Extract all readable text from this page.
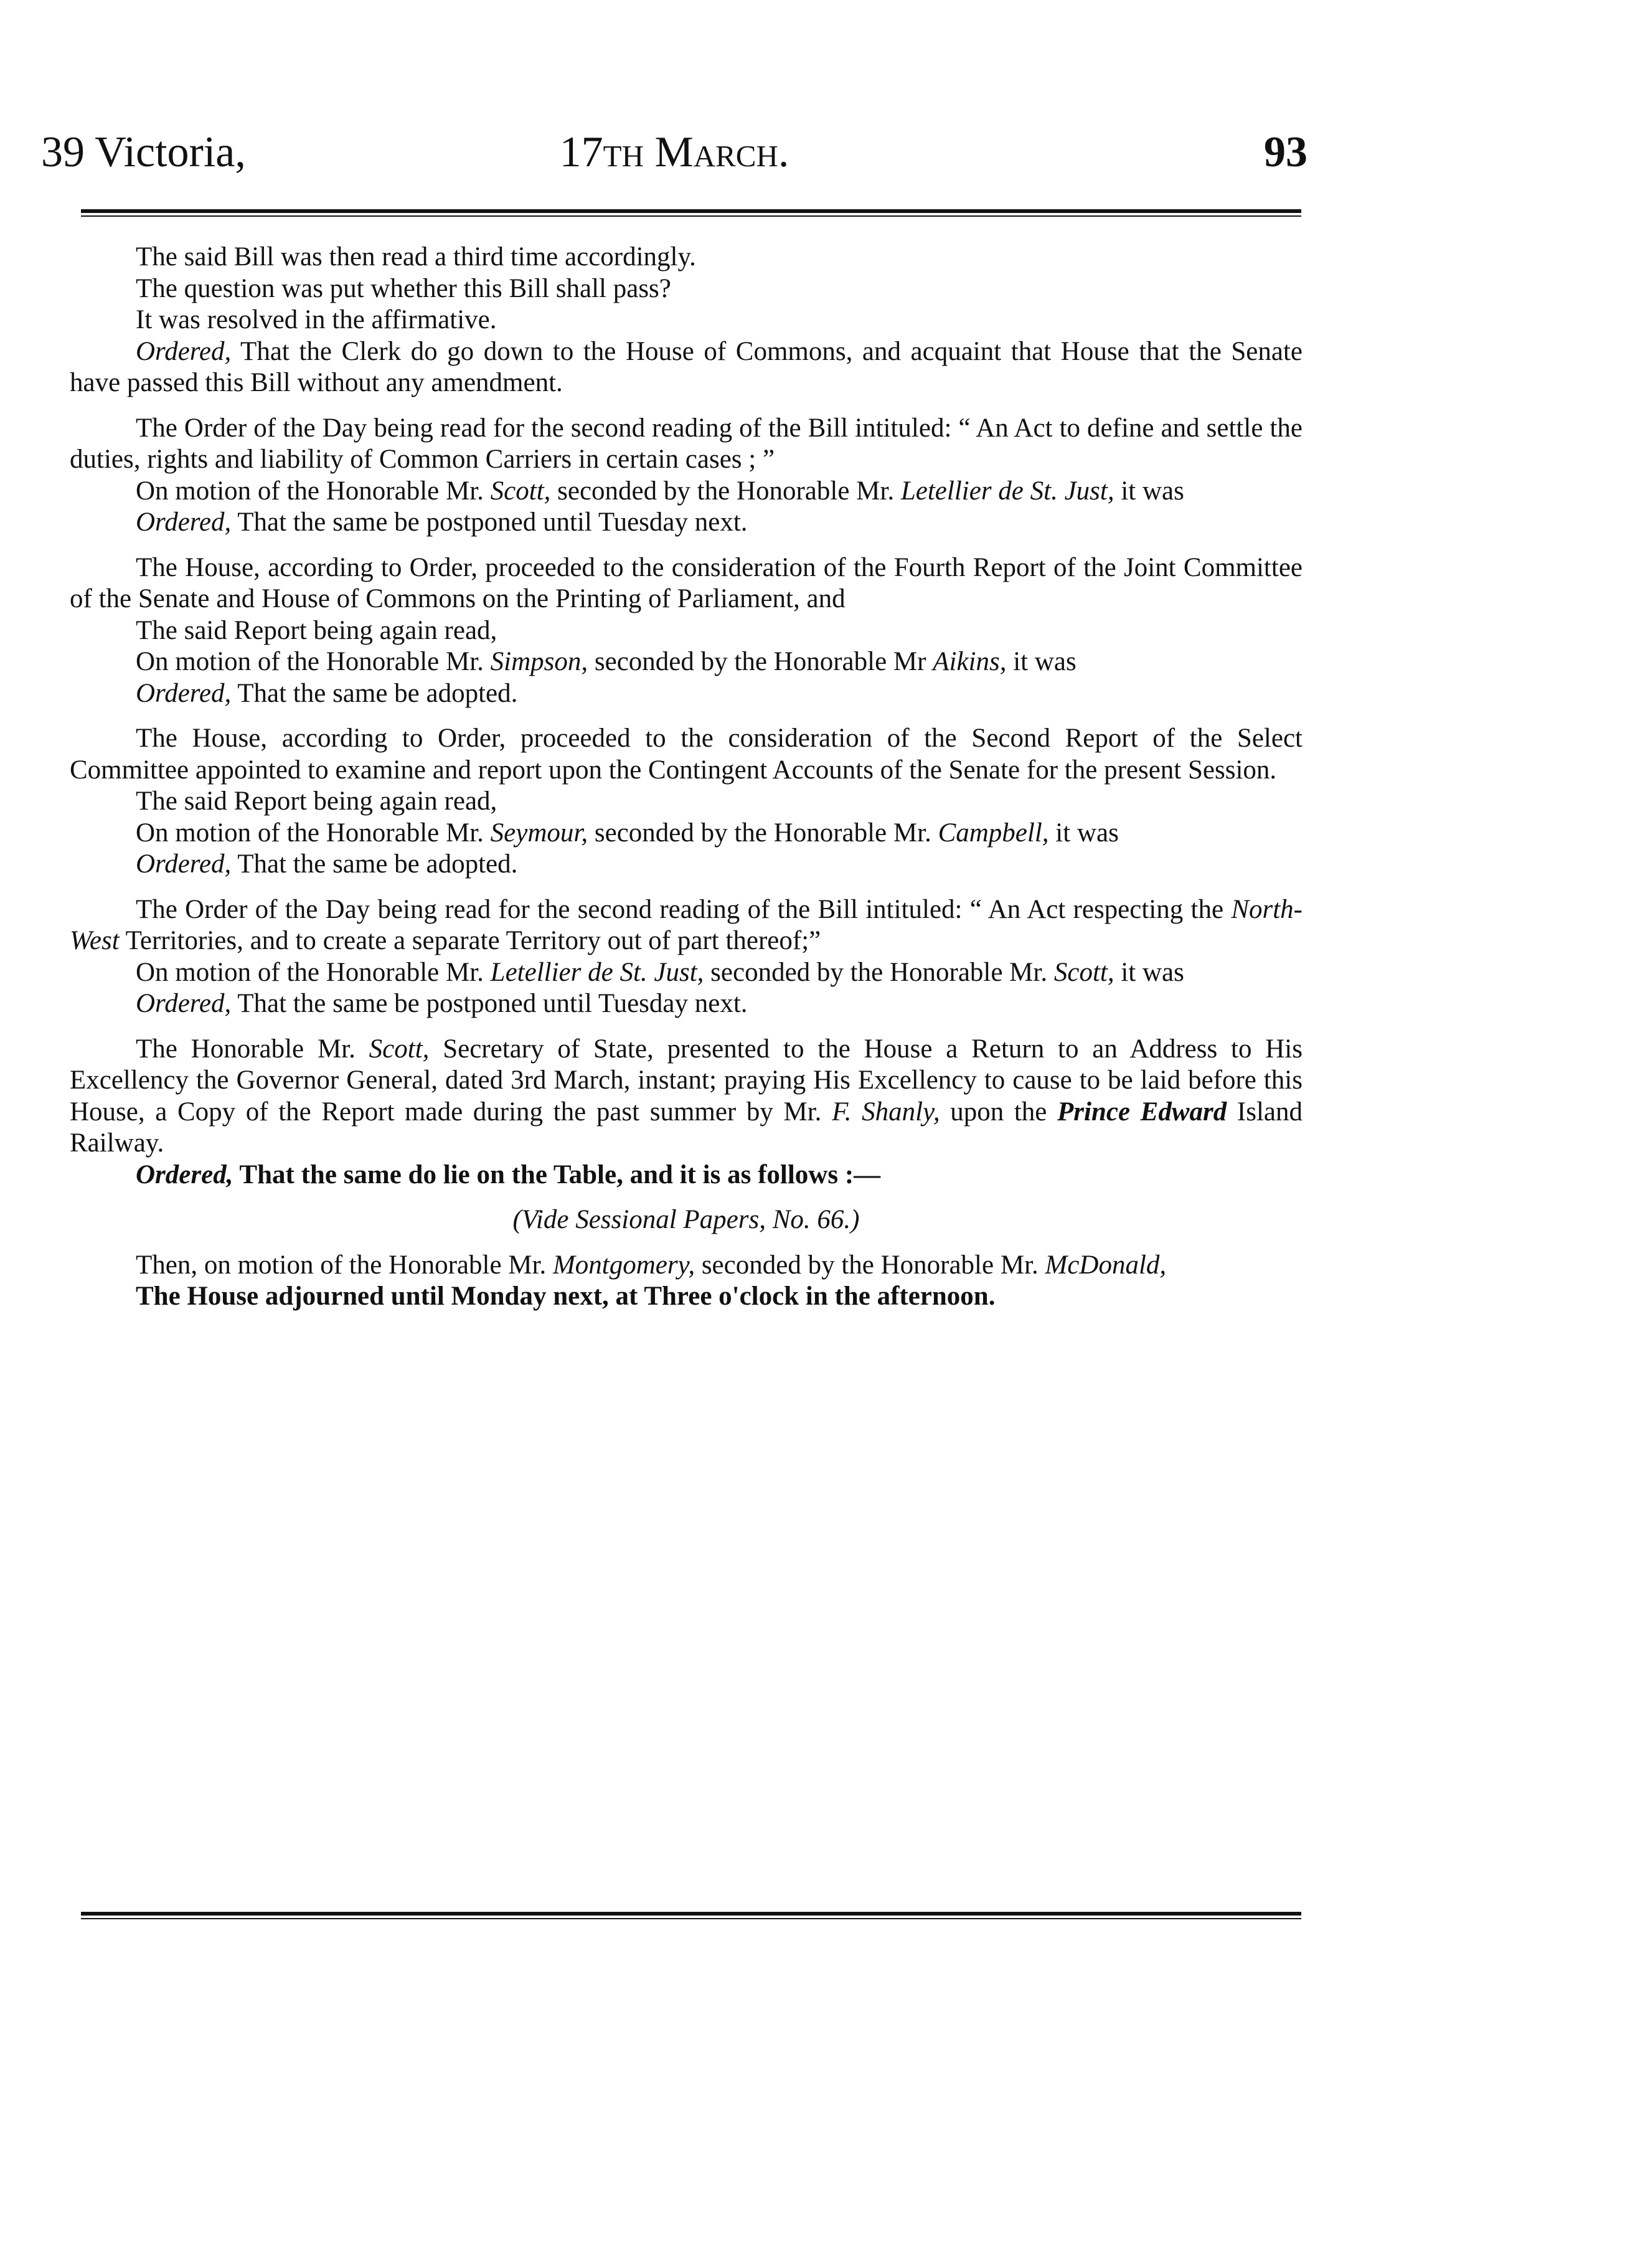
39 Victoria,	17th March.	93

The said Bill was then read a third time accordingly.

The question was put whether this Bill shall pass?

It was resolved in the affirmative.

Ordered, That the Clerk do go down to the House of Commons, and acquaint that House that the Senate have passed this Bill without any amendment.

The Order of the Day being read for the second reading of the Bill intituled: “ An Act to define and settle the duties, rights and liability of Common Carriers in certain cases ; ”

On motion of the Honorable Mr. Scott, seconded by the Honorable Mr. Letellier de St. Just, it was

Ordered, That the same be postponed until Tuesday next.

The House, according to Order, proceeded to the consideration of the Fourth Report of the Joint Committee of the Senate and House of Commons on the Printing of Parliament, and

The said Report being again read,

On motion of the Honorable Mr. Simpson, seconded by the Honorable Mr Aikins, it was

Ordered, That the same be adopted.

The House, according to Order, proceeded to the consideration of the Second Report of the Select Committee appointed to examine and report upon the Contingent Accounts of the Senate for the present Session.

The said Report being again read,

On motion of the Honorable Mr. Seymour, seconded by the Honorable Mr. Campbell, it was

Ordered, That the same be adopted.

The Order of the Day being read for the second reading of the Bill intituled: “ An Act respecting the North-West Territories, and to create a separate Territory out of part thereof;”

On motion of the Honorable Mr. Letellier de St. Just, seconded by the Honorable Mr. Scott, it was

Ordered, That the same be postponed until Tuesday next.

The Honorable Mr. Scott, Secretary of State, presented to the House a Return to an Address to His Excellency the Governor General, dated 3rd March, instant; praying His Excellency to cause to be laid before this House, a Copy of the Report made during the past summer by Mr. F. Shanly, upon the Prince Edward Island Railway.

Ordered, That the same do lie on the Table, and it is as follows :—

(Vide Sessional Papers, No. 66.)

Then, on motion of the Honorable Mr. Montgomery, seconded by the Honorable Mr. McDonald,

The House adjourned until Monday next, at Three o'clock in the afternoon.
